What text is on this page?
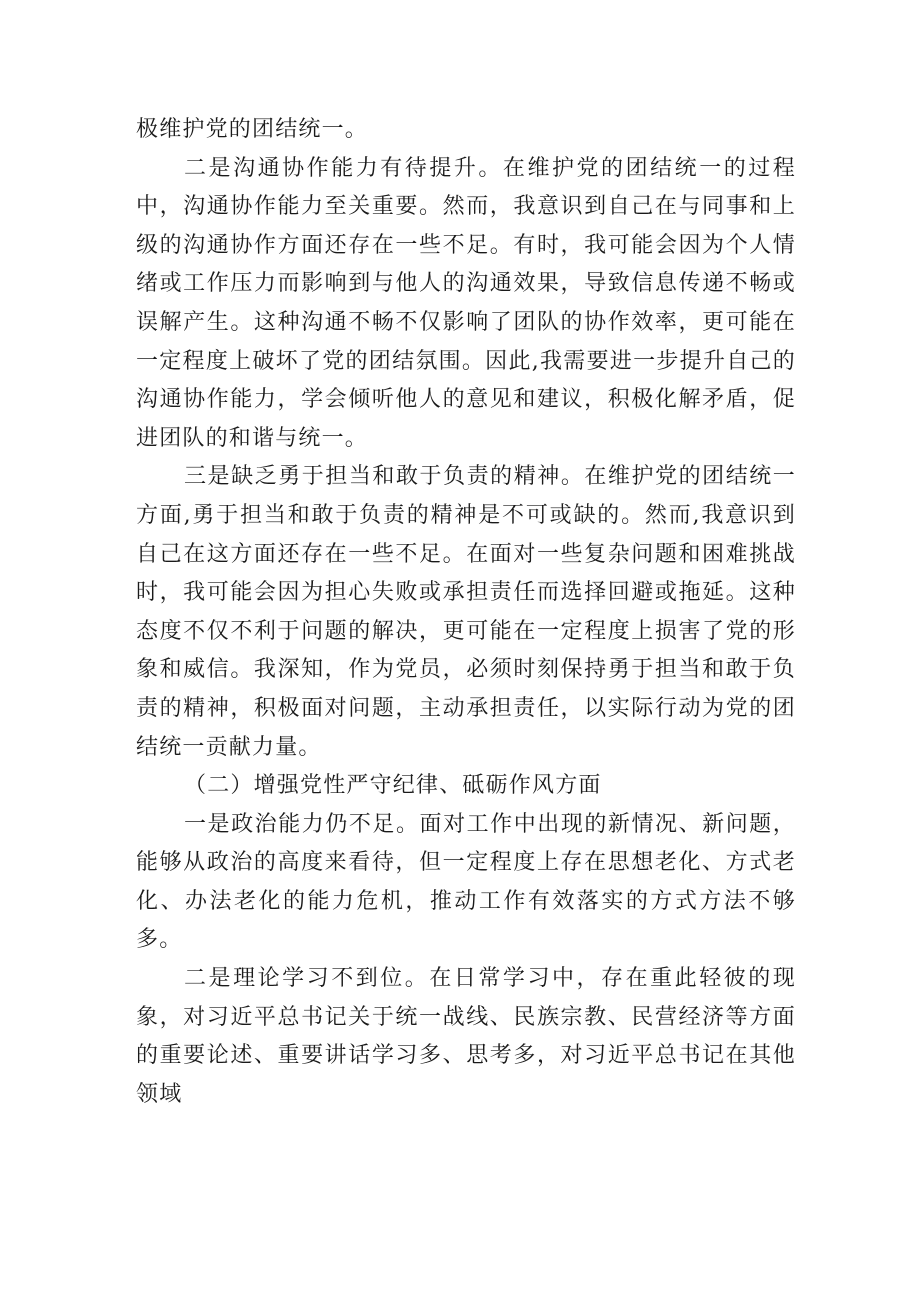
极维护党的团结统一。

二是沟通协作能力有待提升。在维护党的团结统一的过程中，沟通协作能力至关重要。然而，我意识到自己在与同事和上级的沟通协作方面还存在一些不足。有时，我可能会因为个人情绪或工作压力而影响到与他人的沟通效果，导致信息传递不畅或误解产生。这种沟通不畅不仅影响了团队的协作效率，更可能在一定程度上破坏了党的团结氛围。因此,我需要进一步提升自己的沟通协作能力，学会倾听他人的意见和建议，积极化解矛盾，促进团队的和谐与统一。

三是缺乏勇于担当和敢于负责的精神。在维护党的团结统一方面,勇于担当和敢于负责的精神是不可或缺的。然而,我意识到自己在这方面还存在一些不足。在面对一些复杂问题和困难挑战时，我可能会因为担心失败或承担责任而选择回避或拖延。这种态度不仅不利于问题的解决，更可能在一定程度上损害了党的形象和威信。我深知，作为党员，必须时刻保持勇于担当和敢于负责的精神，积极面对问题，主动承担责任，以实际行动为党的团结统一贡献力量。

（二）增强党性严守纪律、砥砺作风方面

一是政治能力仍不足。面对工作中出现的新情况、新问题，能够从政治的高度来看待，但一定程度上存在思想老化、方式老化、办法老化的能力危机，推动工作有效落实的方式方法不够多。

二是理论学习不到位。在日常学习中，存在重此轻彼的现象，对习近平总书记关于统一战线、民族宗教、民营经济等方面的重要论述、重要讲话学习多、思考多，对习近平总书记在其他领域
